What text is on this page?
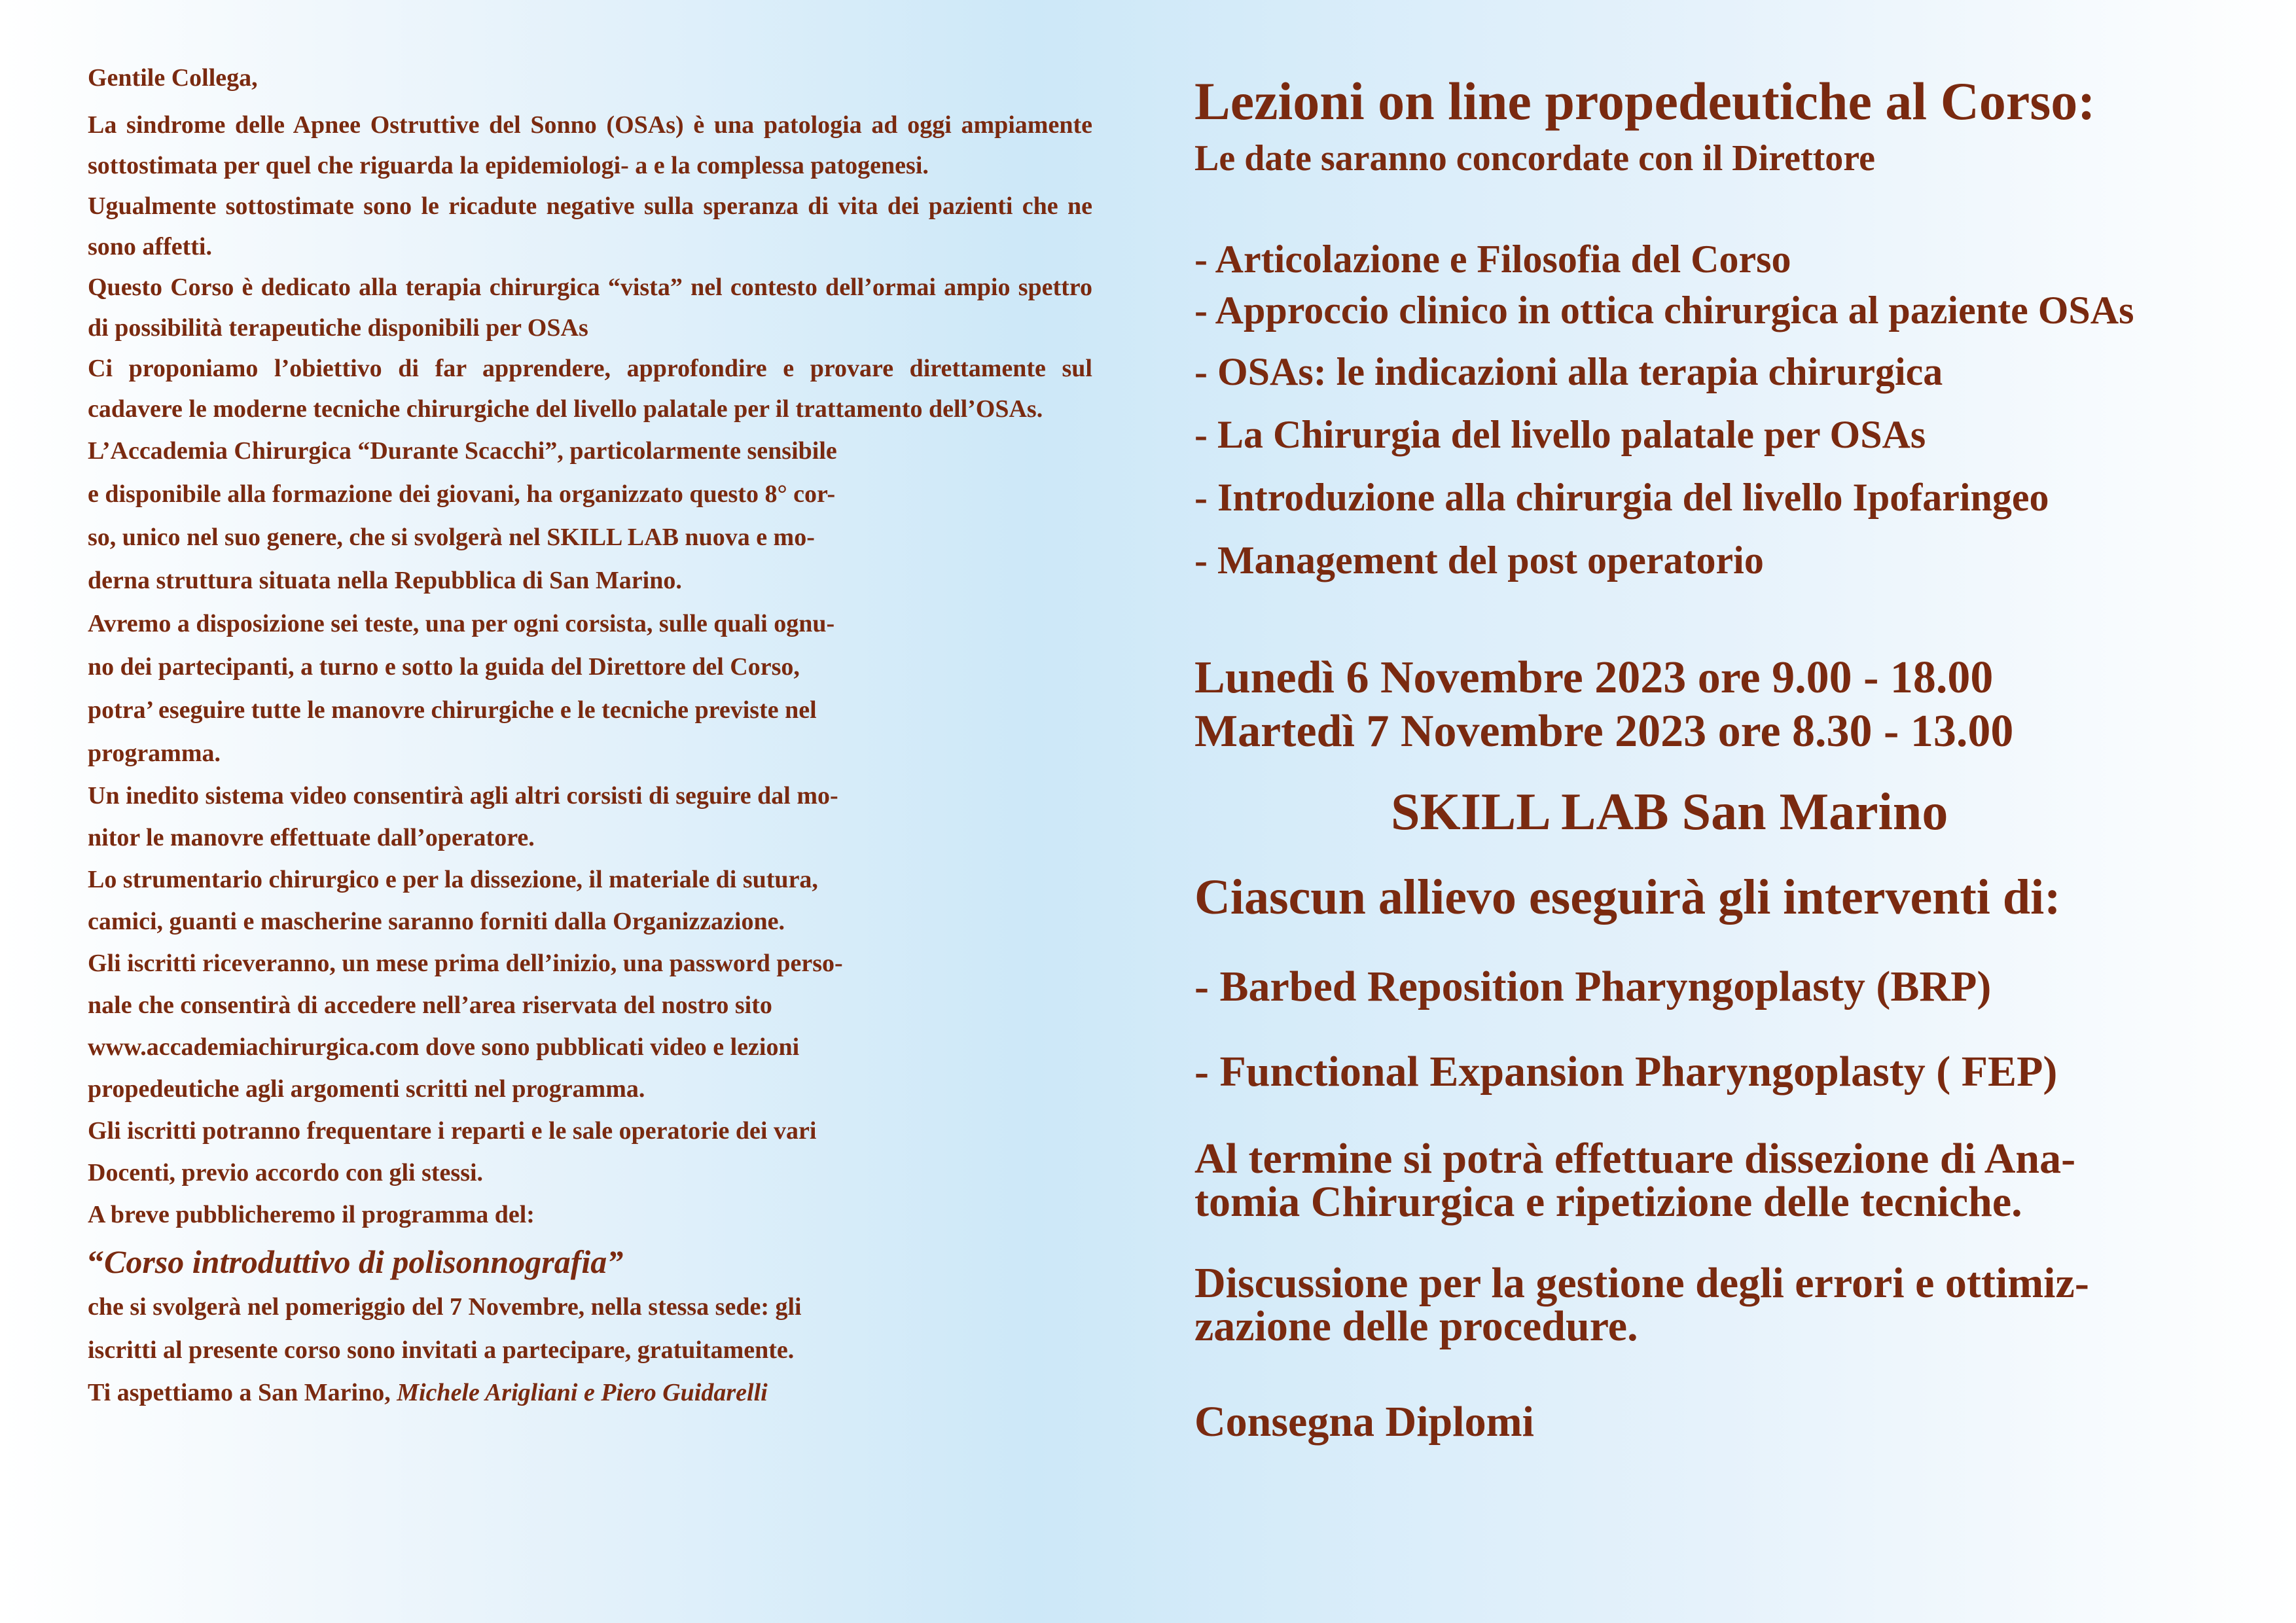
Gentile Collega,

La sindrome delle Apnee Ostruttive del Sonno (OSAs) è una patologia ad oggi ampiamente sottostimata per quel che riguarda la epidemiologi- a e la complessa patogenesi.

Ugualmente sottostimate sono le ricadute negative sulla speranza di vita dei pazienti che ne sono affetti.

Questo Corso è dedicato alla terapia chirurgica “vista” nel contesto dell’ormai ampio spettro di possibilità terapeutiche disponibili per OSAs

Ci proponiamo l’obiettivo di far apprendere, approfondire e provare direttamente sul cadavere le moderne tecniche chirurgiche del livello palatale per il trattamento dell’OSAs.

L’Accademia Chirurgica “Durante Scacchi”, particolarmente sensibile

e disponibile alla formazione dei giovani, ha organizzato questo 8° cor-

so, unico nel suo genere, che si svolgerà nel SKILL LAB nuova e mo-

derna struttura situata nella Repubblica di San Marino.

Avremo a disposizione sei teste, una per ogni corsista, sulle quali ognu-

no dei partecipanti, a turno e sotto la guida del Direttore del Corso,

potra’ eseguire tutte le manovre chirurgiche e le tecniche previste nel

programma.

Un inedito sistema video consentirà agli altri corsisti di seguire dal mo-

nitor le manovre effettuate dall’operatore.

Lo strumentario chirurgico e per la dissezione, il materiale di sutura,

camici, guanti e mascherine saranno forniti dalla Organizzazione.

Gli iscritti riceveranno, un mese prima dell’inizio, una password perso-

nale che consentirà di accedere nell’area riservata del nostro sito

www.accademiachirurgica.com dove sono pubblicati video e lezioni

propedeutiche agli argomenti scritti nel programma.

Gli iscritti potranno frequentare i reparti e le sale operatorie dei vari

Docenti, previo accordo con gli stessi.

A breve pubblicheremo il programma del:

“Corso introduttivo di polisonnografia”

che si svolgerà nel pomeriggio del 7 Novembre, nella stessa sede: gli

iscritti al presente corso sono invitati a partecipare, gratuitamente.

Ti aspettiamo a San Marino, Michele Arigliani e Piero Guidarelli

Lezioni on line propedeutiche al Corso:

Le date saranno concordate con il Direttore

- Articolazione e Filosofia del Corso

- Approccio clinico in ottica chirurgica al paziente OSAs

- OSAs: le indicazioni alla terapia chirurgica

- La Chirurgia del livello palatale per OSAs

- Introduzione alla chirurgia del livello Ipofaringeo

- Management del post operatorio

Lunedì 6 Novembre 2023 ore 9.00 - 18.00

Martedì 7 Novembre 2023 ore 8.30 - 13.00

SKILL LAB San Marino

Ciascun allievo eseguirà gli interventi di:

- Barbed Reposition Pharyngoplasty (BRP)

- Functional Expansion Pharyngoplasty ( FEP)

Al termine si potrà effettuare dissezione di Ana-

tomia Chirurgica e ripetizione delle tecniche.

Discussione per la gestione degli errori e ottimiz-

zazione delle procedure.

Consegna Diplomi
